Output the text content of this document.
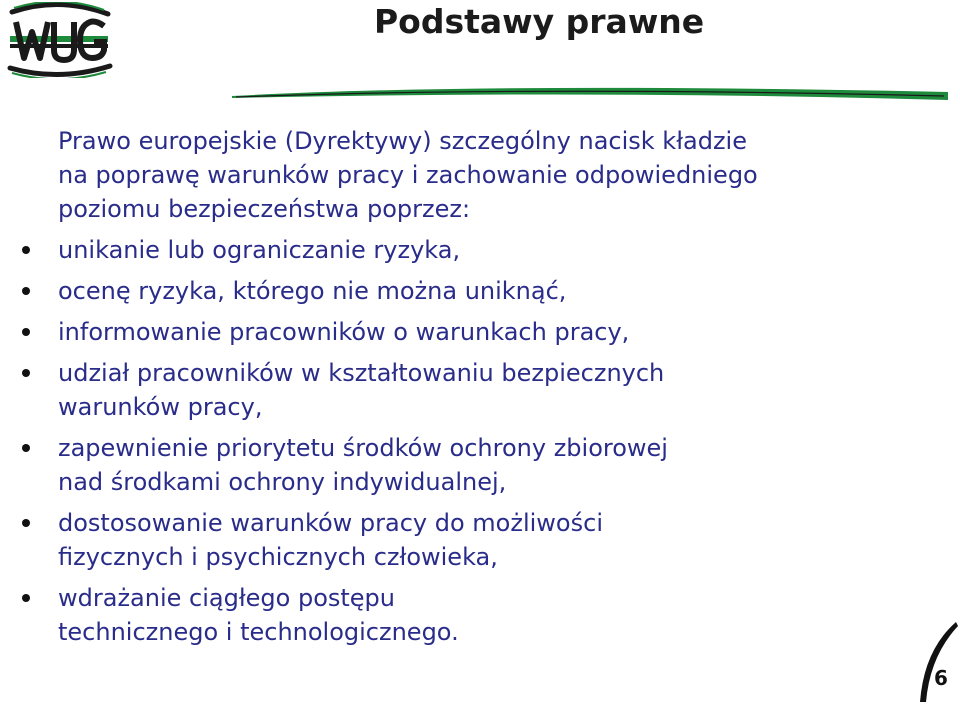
Podstawy prawne

Prawo europejskie (Dyrektywy) szczególny nacisk kładzie
na poprawę warunków pracy i zachowanie odpowiedniego
poziomu bezpieczeństwa poprzez:

unikanie lub ograniczanie ryzyka,
ocenę ryzyka, którego nie można uniknąć,
informowanie pracowników o warunkach pracy,
udział pracowników w kształtowaniu bezpiecznych
warunków pracy,
zapewnienie priorytetu środków ochrony zbiorowej
nad środkami ochrony indywidualnej,
dostosowanie warunków pracy do możliwości
fizycznych i psychicznych człowieka,
wdrażanie ciągłego postępu
technicznego i technologicznego.
6
